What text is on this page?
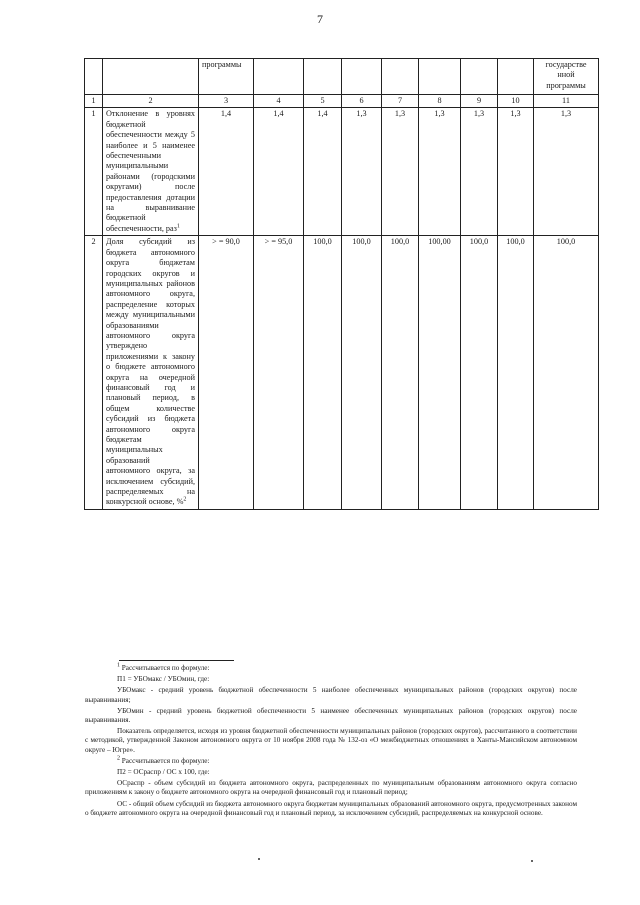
7
		программы								государстве нной программы
1	2	3	4	5	6	7	8	9	10	11
1	Отклонение в уровнях бюджетной обеспеченности между 5 наиболее и 5 наименее обеспеченными муниципальными районами (городскими округами) после предоставления дотации на выравнивание бюджетной обеспеченности, раз$^1$	1,4	1,4	1,4	1,3	1,3	1,3	1,3	1,3	1,3
2	Доля субсидий из бюджета автономного округа бюджетам городских округов и муниципальных районов автономного округа, распределение которых между муниципальными образованиями автономного округа утверждено приложениями к закону о бюджете автономного округа на очередной финансовый год и плановый период, в общем количестве субсидий из бюджета автономного округа бюджетам муниципальных образований автономного округа, за исключением субсидий, распределяемых на конкурсной основе, %$^2$	> = 90,0	> = 95,0	100,0	100,0	100,0	100,00	100,0	100,0	100,0

$^1$ Рассчитывается по формуле:

П1 = УБОмакс / УБОмин, где:

УБОмакс - средний уровень бюджетной обеспеченности 5 наиболее обеспеченных муниципальных районов (городских округов) после выравнивания;

УБОмин - средний уровень бюджетной обеспеченности 5 наименее обеспеченных муниципальных районов (городских округов) после выравнивания.

Показатель определяется, исходя из уровня бюджетной обеспеченности муниципальных районов (городских округов), рассчитанного в соответствии с методикой, утвержденной Законом автономного округа от 10 ноября 2008 года № 132-оз «О межбюджетных отношениях в Ханты-Мансийском автономном округе – Югре».

$^2$ Рассчитывается по формуле:

П2 = ОСраспр / ОС х 100, где:

ОСраспр - объем субсидий из бюджета автономного округа, распределенных по муниципальным образованиям автономного округа согласно приложениям к закону о бюджете автономного округа на очередной финансовый год и плановый период;

ОС - общий объем субсидий из бюджета автономного округа бюджетам муниципальных образований автономного округа, предусмотренных законом о бюджете автономного округа на очередной финансовый год и плановый период, за исключением субсидий, распределяемых на конкурсной основе.
